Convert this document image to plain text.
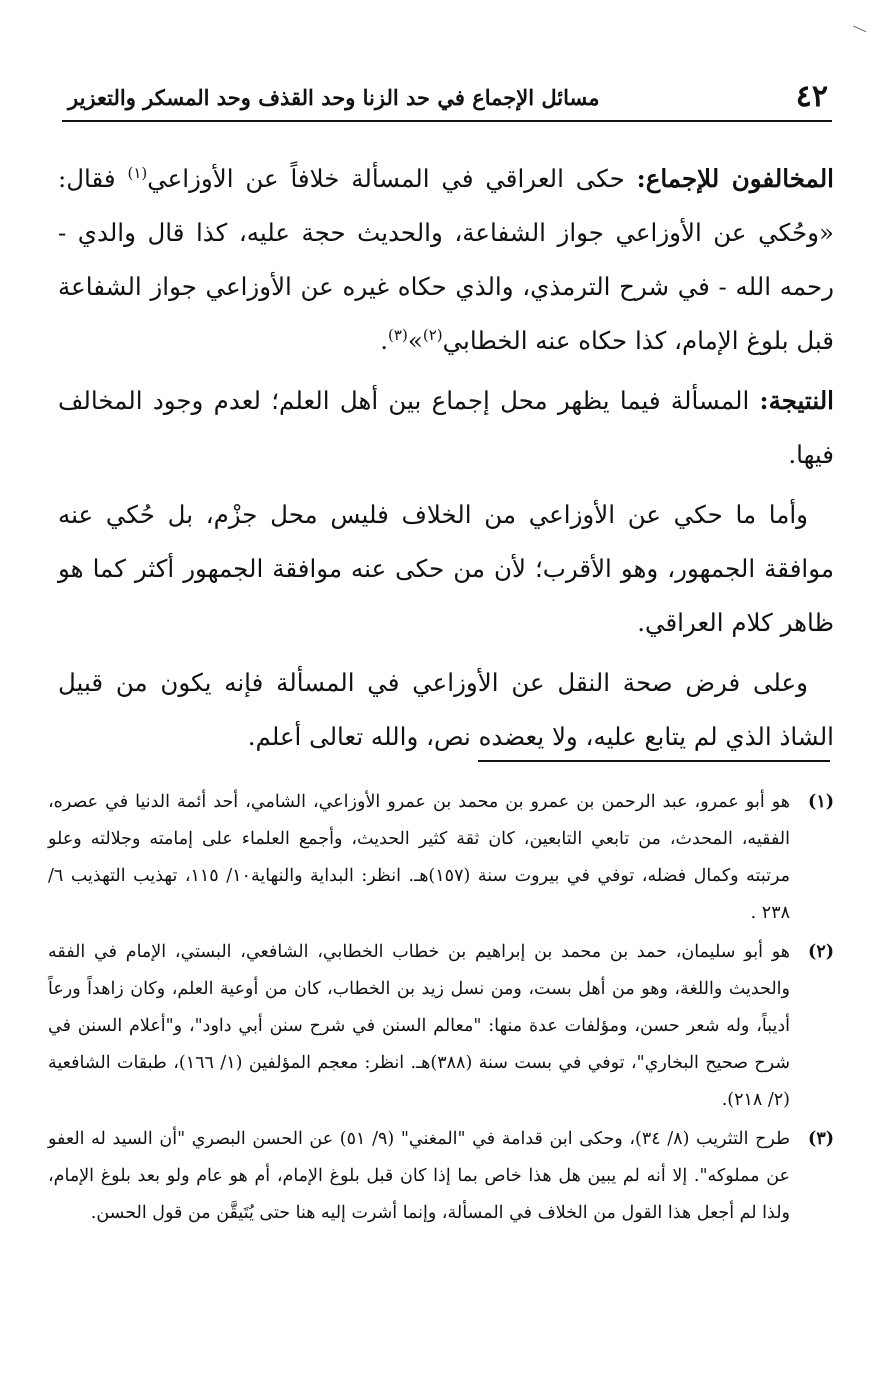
٤٢
مسائل الإجماع في حد الزنا وحد القذف وحد المسكر والتعزير

المخالفون للإجماع: حكى العراقي في المسألة خلافاً عن الأوزاعي$^{(١)}$ فقال: «وحُكي عن الأوزاعي جواز الشفاعة، والحديث حجة عليه، كذا قال والدي - رحمه الله - في شرح الترمذي، والذي حكاه غيره عن الأوزاعي جواز الشفاعة قبل بلوغ الإمام، كذا حكاه عنه الخطابي$^{(٢)}$»$^{(٣)}$.

النتيجة: المسألة فيما يظهر محل إجماع بين أهل العلم؛ لعدم وجود المخالف فيها.

وأما ما حكي عن الأوزاعي من الخلاف فليس محل جزْم، بل حُكي عنه موافقة الجمهور، وهو الأقرب؛ لأن من حكى عنه موافقة الجمهور أكثر كما هو ظاهر كلام العراقي.

وعلى فرض صحة النقل عن الأوزاعي في المسألة فإنه يكون من قبيل الشاذ الذي لم يتابع عليه، ولا يعضده نص، والله تعالى أعلم.

(١)
هو أبو عمرو، عبد الرحمن بن عمرو بن محمد بن عمرو الأوزاعي، الشامي، أحد أئمة الدنيا في عصره، الفقيه، المحدث، من تابعي التابعين، كان ثقة كثير الحديث، وأجمع العلماء على إمامته وجلالته وعلو مرتبته وكمال فضله، توفي في بيروت سنة (١٥٧)هـ. انظر: البداية والنهاية١٠/ ١١٥، تهذيب التهذيب ٦/ ٢٣٨ .

(٢)
هو أبو سليمان، حمد بن محمد بن إبراهيم بن خطاب الخطابي، الشافعي، البستي، الإمام في الفقه والحديث واللغة، وهو من أهل بست، ومن نسل زيد بن الخطاب، كان من أوعية العلم، وكان زاهداً ورعاً أديباً، وله شعر حسن، ومؤلفات عدة منها: "معالم السنن في شرح سنن أبي داود"، و"أعلام السنن في شرح صحيح البخاري"، توفي في بست سنة (٣٨٨)هـ. انظر: معجم المؤلفين (١/ ١٦٦)، طبقات الشافعية (٢/ ٢١٨).

(٣)
طرح التثريب (٨/ ٣٤)، وحكى ابن قدامة في "المغني" (٩/ ٥١) عن الحسن البصري "أن السيد له العفو عن مملوكه". إلا أنه لم يبين هل هذا خاص بما إذا كان قبل بلوغ الإمام، أم هو عام ولو بعد بلوغ الإمام، ولذا لم أجعل هذا القول من الخلاف في المسألة، وإنما أشرت إليه هنا حتى يُتَيقَّن من قول الحسن.
